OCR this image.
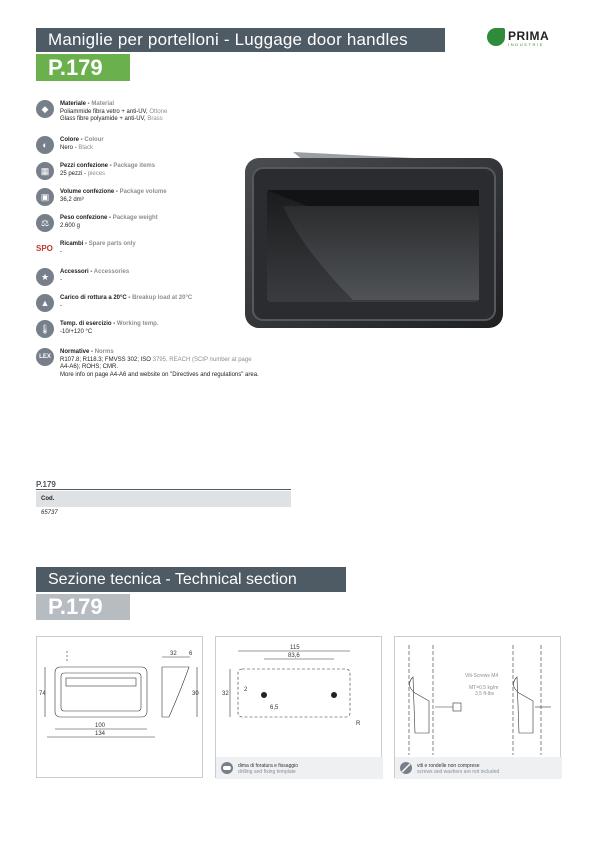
Maniglie per portelloni - Luggage door handles
P.179
PRIMA
INDUSTRIE
◆	Materiale - Material
Poliammide fibra vetro + anti-UV, Ottone
Glass fibre polyamide + anti-UV, Brass
◐	Colore - Colour
Nero - Black
▦	Pezzi confezione - Package items
25 pezzi - pieces
▣	Volume confezione - Package volume
36,2 dm³
⚖	Peso confezione - Package weight
2.600 g
SPO	Ricambi - Spare parts only
-
★	Accessori - Accessories
-
▲	Carico di rottura a 20°C - Breakup load at 20°C
-
🌡	Temp. di esercizio - Working temp.
-10/+120 °C
LEX
Normative - Norms
R107.8; R118.3; FMVSS 302; ISO 3795, REACH (SCIP number at page
A4-A6); ROHS; CMR.
More info on page A4-A6 and website on "Directives and regulations" area.
P.179
Cod.
65737
Sezione tecnica - Technical section
P.179
32 6
74	30
100
134
115
83,6
32
2
6,5
R
dima di foratura e fissaggio
drilling and fixing template
Viti-Screws M4
MT=0,5 kg/m
3,5 ft-lbs
viti e rondelle non comprese
screws and washers are not included
